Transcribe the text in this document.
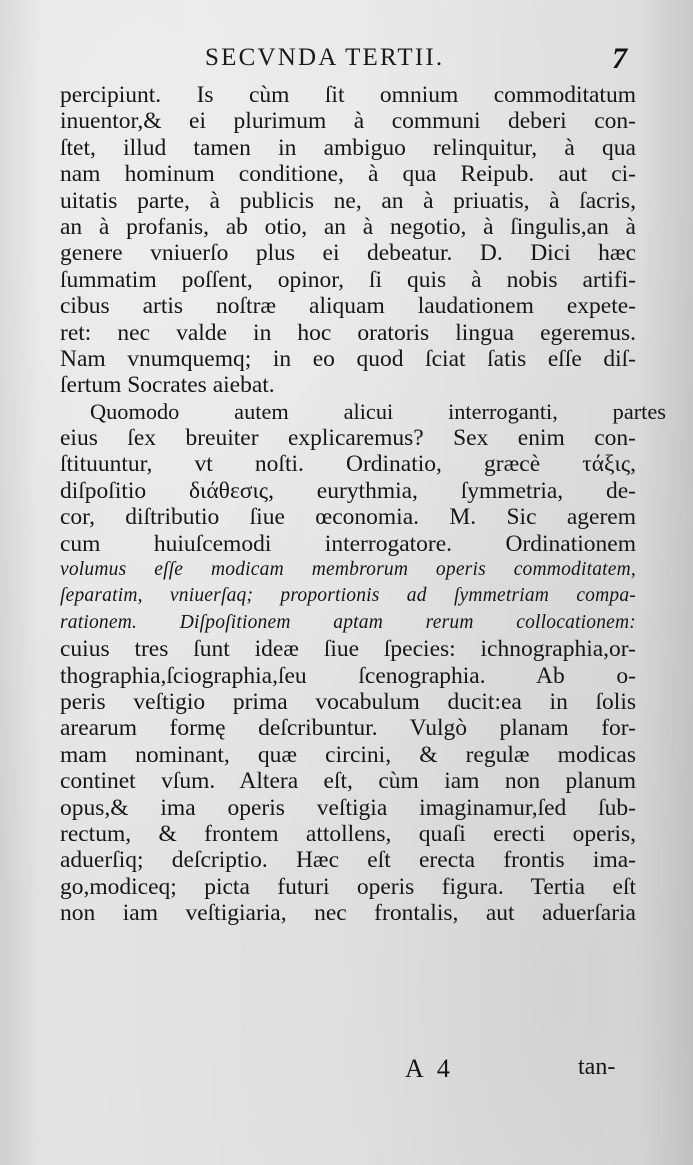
SECVNDA TERTII.	7
percipiunt. Is cùm ſit omnium commoditatum
inuentor,& ei plurimum à communi deberi con-
ſtet, illud tamen in ambiguo relinquitur, à qua
nam hominum conditione, à qua Reipub. aut ci-
uitatis parte, à publicis ne, an à priuatis, à ſacris,
an à profanis, ab otio, an à negotio, à ſingulis,an à
genere vniuerſo plus ei debeatur. D. Dici hæc
ſummatim poſſent, opinor, ſi quis à nobis artifi-
cibus artis noſtræ aliquam laudationem expete-
ret: nec valde in hoc oratoris lingua egeremus.
Nam vnumquemq; in eo quod ſciat ſatis eſſe diſ-
ſertum Socrates aiebat.
Quomodo autem alicui interroganti, partes
eius ſex breuiter explicaremus? Sex enim con-
ſtituuntur, vt noſti. Ordinatio, græcè τάξις,
diſpoſitio διάθεσις, eurythmia, ſymmetria, de-
cor, diſtributio ſiue œconomia. M. Sic agerem
cum huiuſcemodi interrogatore. Ordinationem
volumus eſſe modicam membrorum operis commoditatem,
ſeparatim, vniuerſaq; proportionis ad ſymmetriam compa-
rationem. Diſpoſitionem aptam rerum collocationem:
cuius tres ſunt ideæ ſiue ſpecies: ichnographia,or-
thographia,ſciographia,ſeu ſcenographia. Ab o-
peris veſtigio prima vocabulum ducit:ea in ſolis
arearum formę deſcribuntur. Vulgò planam for-
mam nominant, quæ circini, & regulæ modicas
continet vſum. Altera eſt, cùm iam non planum
opus,& ima operis veſtigia imaginamur,ſed ſub-
rectum, & frontem attollens, quaſi erecti operis,
aduerſiq; deſcriptio. Hæc eſt erecta frontis ima-
go,modiceq; picta futuri operis figura. Tertia eſt
non iam veſtigiaria, nec frontalis, aut aduerſaria
A 4	tan-
